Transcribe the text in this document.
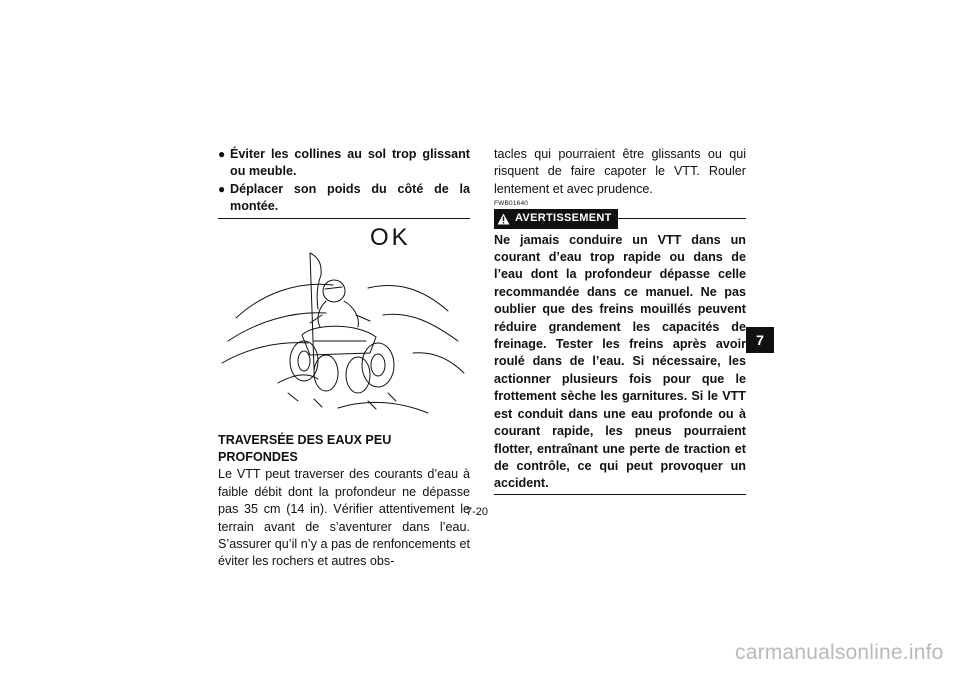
● Éviter les collines au sol trop glissant ou meuble.
● Déplacer son poids du côté de la montée.
OK
TRAVERSÉE DES EAUX PEU PROFONDES

Le VTT peut traverser des courants d’eau à faible débit dont la profondeur ne dépasse pas 35 cm (14 in). Vérifier attentivement le terrain avant de s’aventurer dans l’eau. S’assurer qu’il n’y a pas de renfoncements et éviter les rochers et autres obs-

tacles qui pourraient être glissants ou qui risquent de faire capoter le VTT. Rouler lentement et avec prudence.

FWB01640
AVERTISSEMENT

Ne jamais conduire un VTT dans un courant d’eau trop rapide ou dans de l’eau dont la profondeur dépasse celle recommandée dans ce manuel. Ne pas oublier que des freins mouillés peuvent réduire grandement les capacités de freinage. Tester les freins après avoir roulé dans de l’eau. Si nécessaire, les actionner plusieurs fois pour que le frottement sèche les garnitures. Si le VTT est conduit dans une eau profonde ou à courant rapide, les pneus pourraient flotter, entraînant une perte de traction et de contrôle, ce qui peut provoquer un accident.

7-20
7
carmanualsonline.info
